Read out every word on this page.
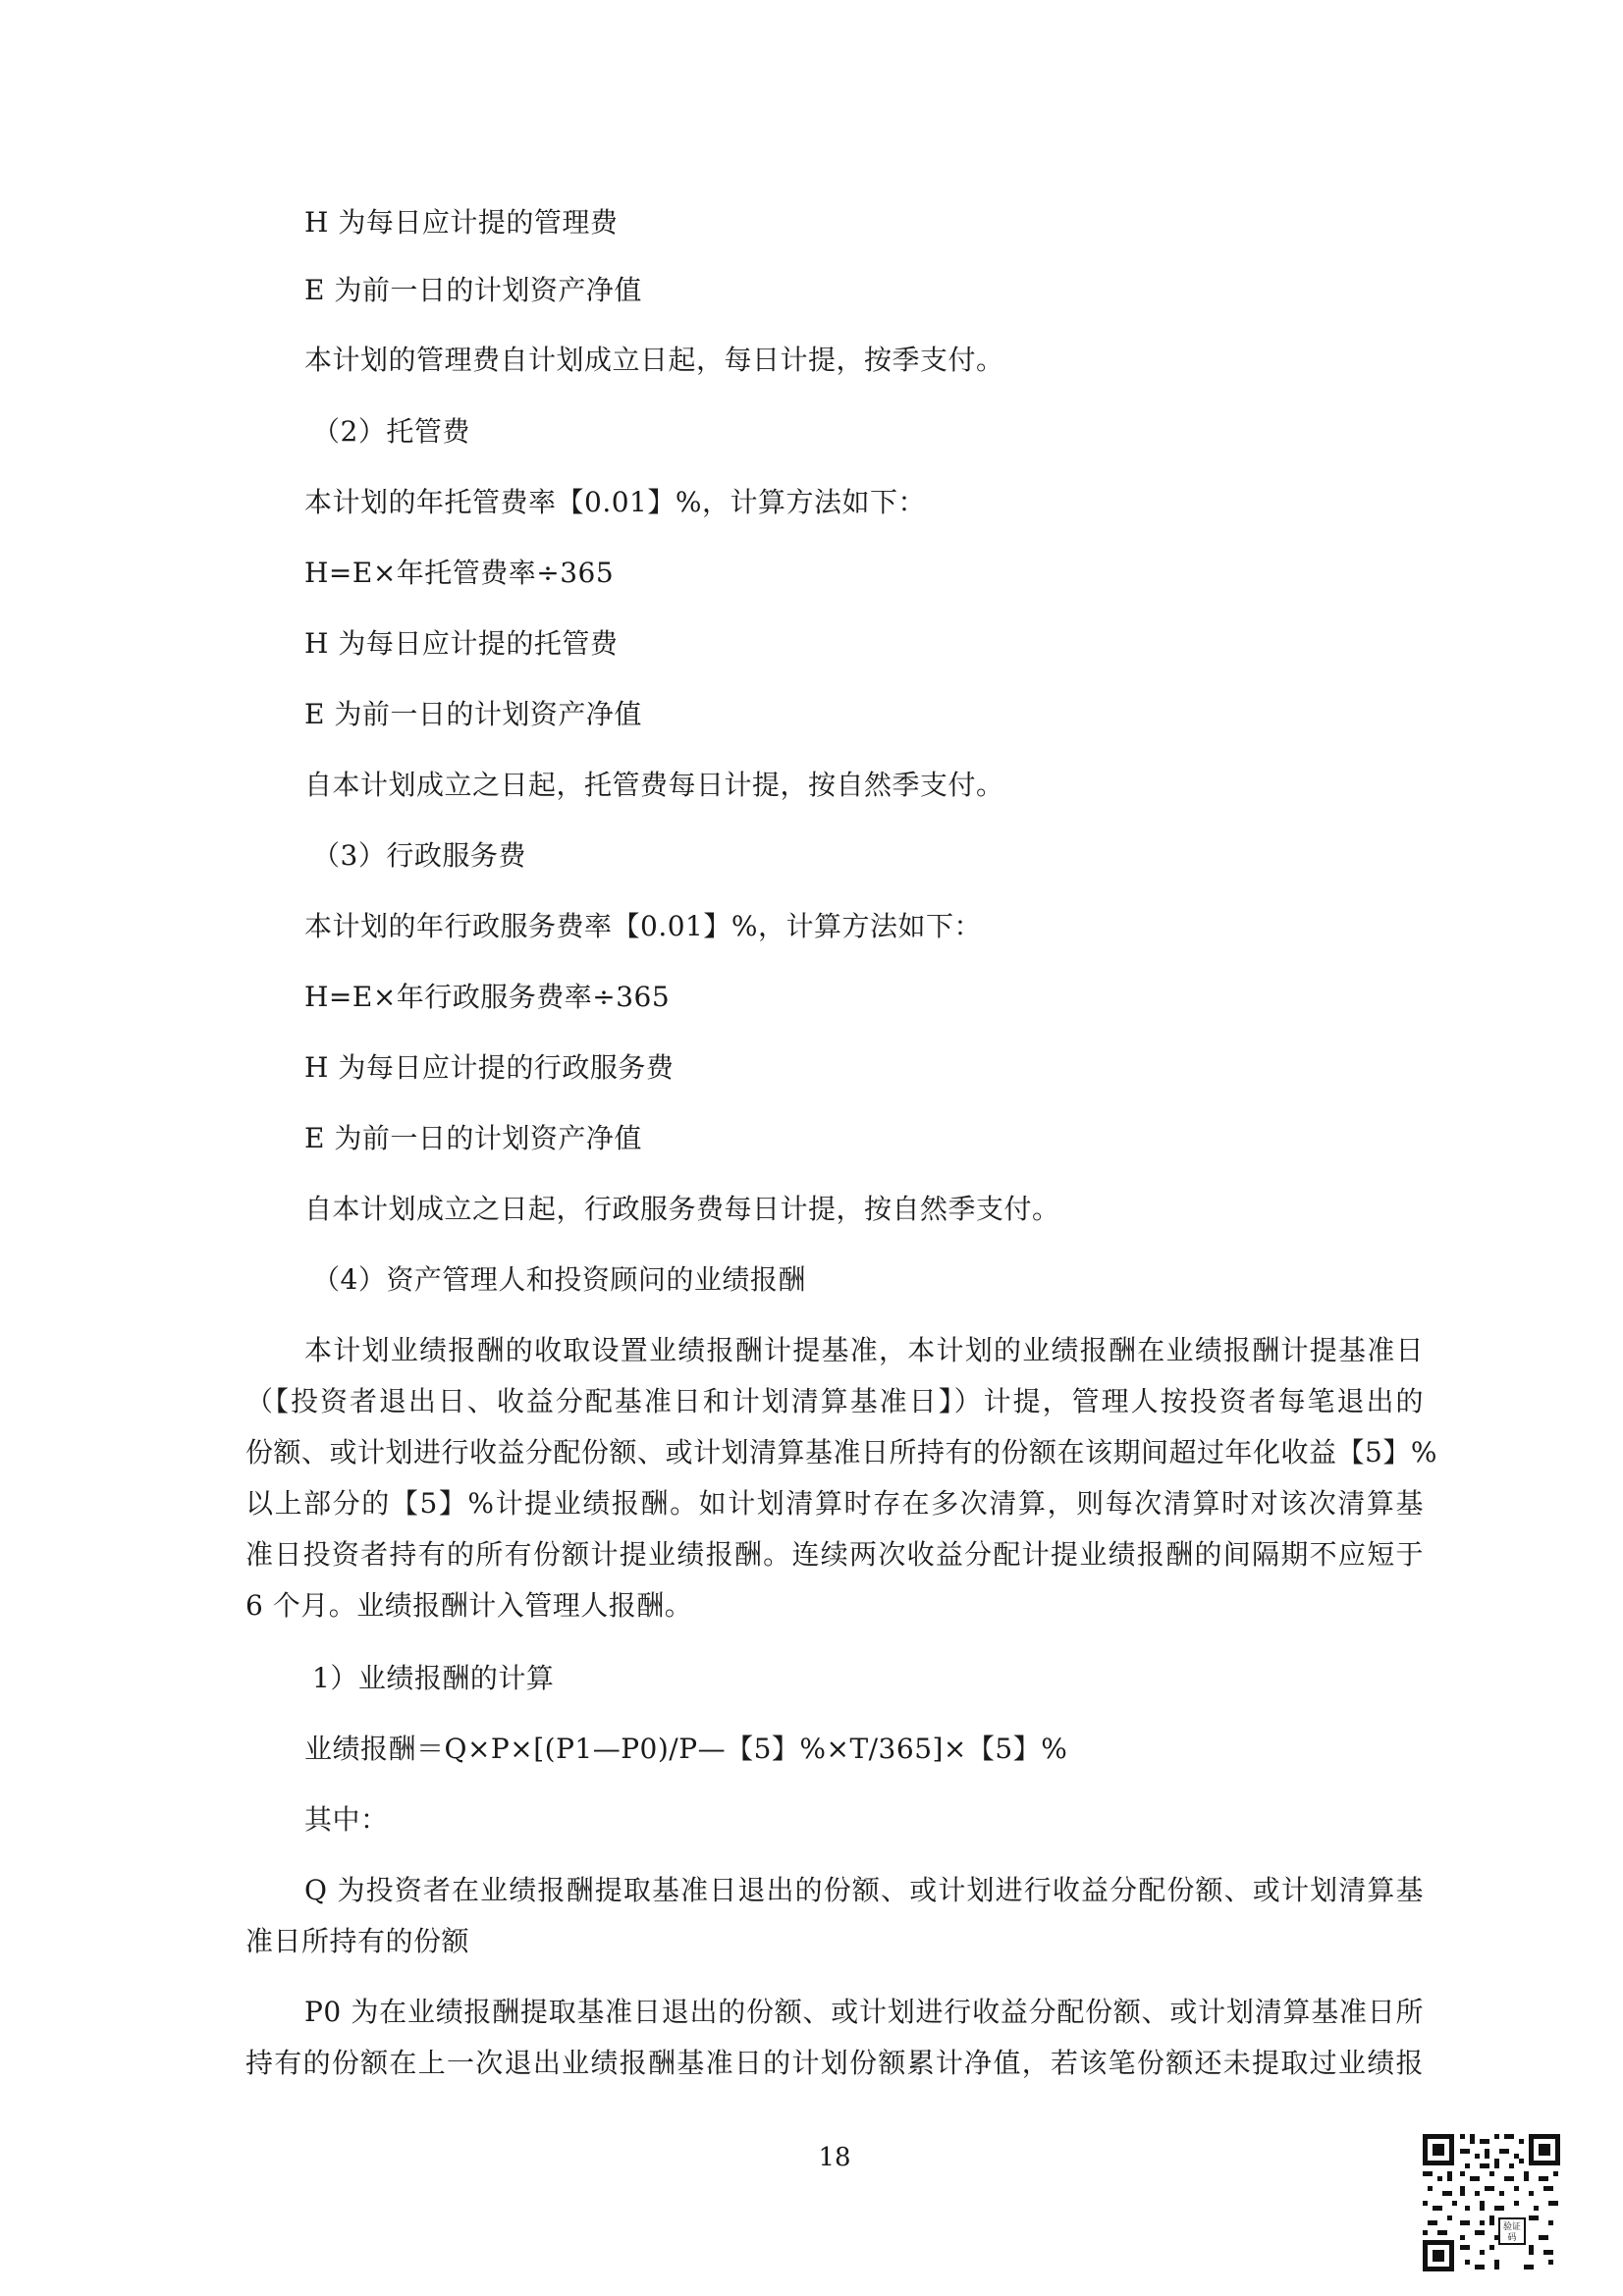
H 为每日应计提的管理费
E 为前一日的计划资产净值
本计划的管理费自计划成立日起，每日计提，按季支付。
（2）托管费
本计划的年托管费率【0.01】%，计算方法如下：
H=E×年托管费率÷365
H 为每日应计提的托管费
E 为前一日的计划资产净值
自本计划成立之日起，托管费每日计提，按自然季支付。
（3）行政服务费
本计划的年行政服务费率【0.01】%，计算方法如下：
H=E×年行政服务费率÷365
H 为每日应计提的行政服务费
E 为前一日的计划资产净值
自本计划成立之日起，行政服务费每日计提，按自然季支付。
（4）资产管理人和投资顾问的业绩报酬
本计划业绩报酬的收取设置业绩报酬计提基准，本计划的业绩报酬在业绩报酬计提基准日
（【投资者退出日、收益分配基准日和计划清算基准日】）计提，管理人按投资者每笔退出的
份额、或计划进行收益分配份额、或计划清算基准日所持有的份额在该期间超过年化收益【5】%
以上部分的【5】%计提业绩报酬。如计划清算时存在多次清算，则每次清算时对该次清算基
准日投资者持有的所有份额计提业绩报酬。连续两次收益分配计提业绩报酬的间隔期不应短于
6 个月。业绩报酬计入管理人报酬。
1）业绩报酬的计算
业绩报酬＝Q×P×[(P1—P0)/P—【5】%×T/365]×【5】%
其中：
Q 为投资者在业绩报酬提取基准日退出的份额、或计划进行收益分配份额、或计划清算基
准日所持有的份额
P0 为在业绩报酬提取基准日退出的份额、或计划进行收益分配份额、或计划清算基准日所
持有的份额在上一次退出业绩报酬基准日的计划份额累计净值，若该笔份额还未提取过业绩报
18
验证
码
